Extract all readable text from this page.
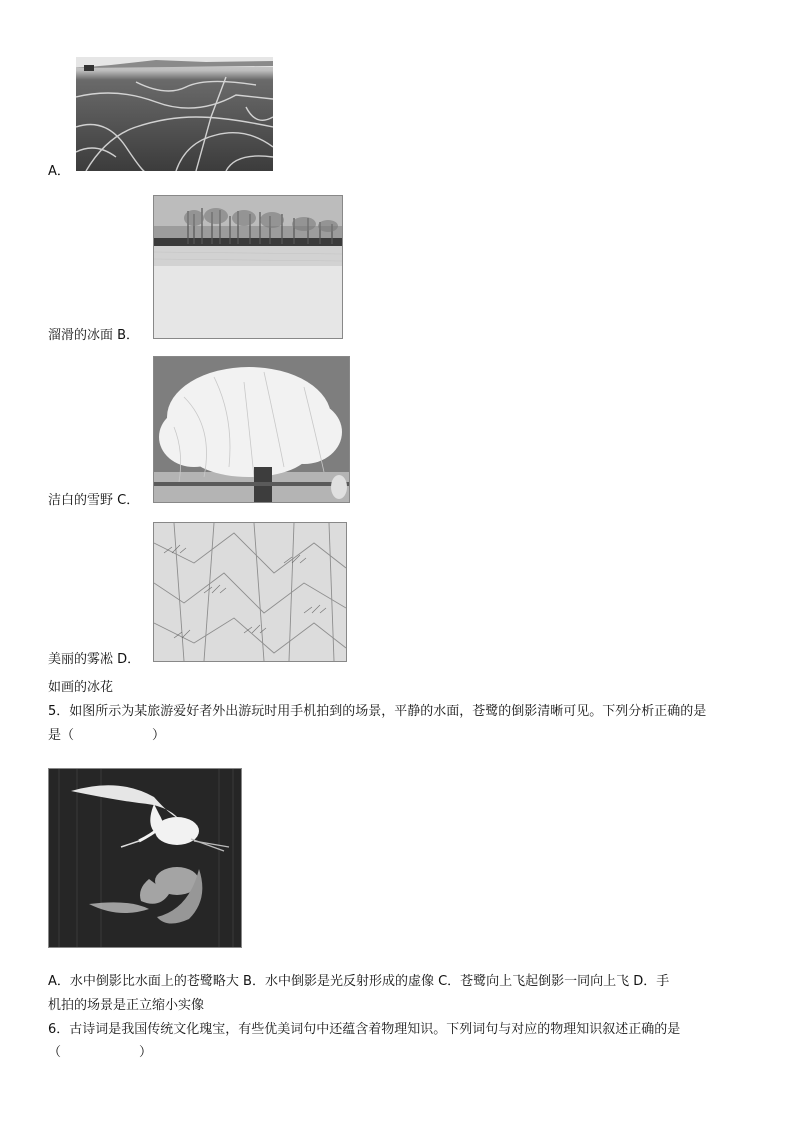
A．
溜滑的冰面 B．
洁白的雪野 C．
美丽的雾凇 D．
如画的冰花
5．如图所示为某旅游爱好者外出游玩时用手机拍到的场景，平静的水面，苍鹭的倒影清晰可见。下列分析正确的是
是（　　　　　　）
A．水中倒影比水面上的苍鹭略大 B．水中倒影是光反射形成的虚像 C．苍鹭向上飞起倒影一同向上飞 D．手
机拍的场景是正立缩小实像
6．古诗词是我国传统文化瑰宝，有些优美词句中还蕴含着物理知识。下列词句与对应的物理知识叙述正确的是
（　　　　　　）
